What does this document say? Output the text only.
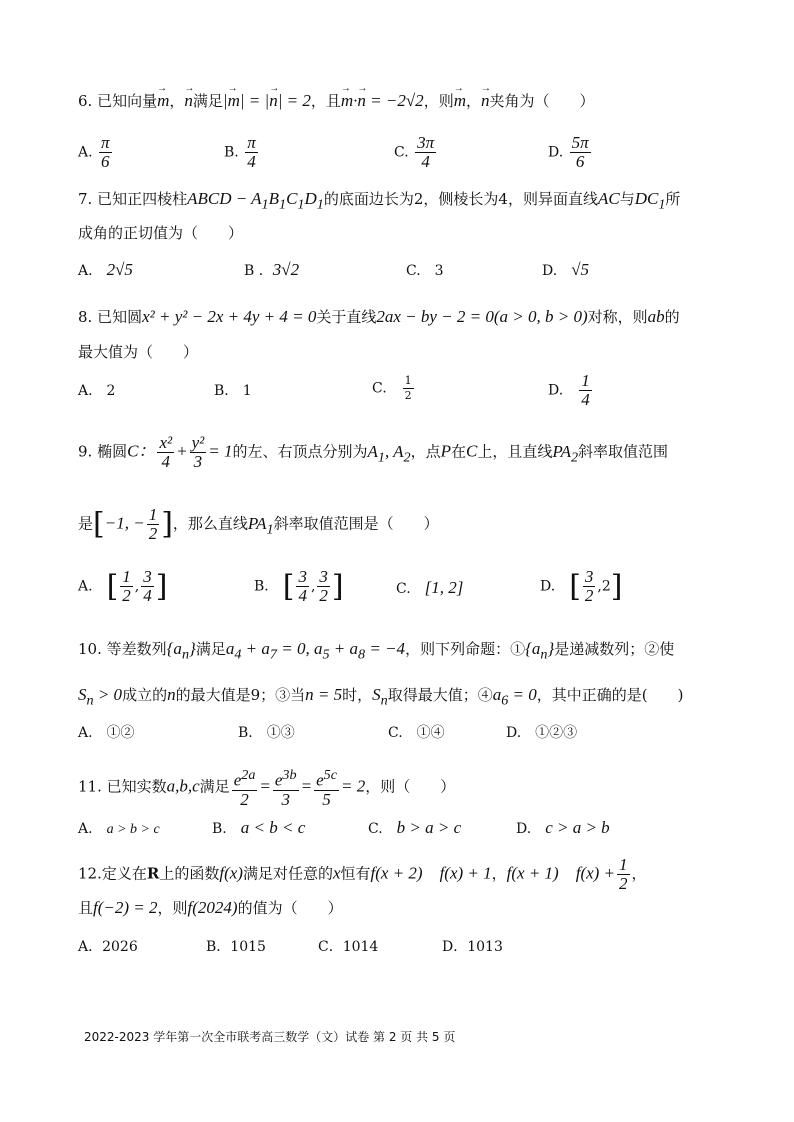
6. 已知向量→ m，→ n满足|→ m| = |→ n| = 2，且→ m·→ n = −2√2，则→ m，→ n夹角为（　　）
A. $\frac{\pi}{6}$	B. $\frac{\pi}{4}$	C. $\frac{3\pi}{4}$	D. $\frac{5\pi}{6}$
7. 已知正四棱柱ABCD − $A_1B_1C_1D_1$的底面边长为2，侧棱长为4，则异面直线AC与$DC_1$所
成角的正切值为（　　）
A.　2√5	B ．3√2	C.　3	D.　√5
8. 已知圆x² + y² − 2x + 4y + 4 = 0关于直线2ax − by − 2 = 0(a > 0, b > 0)对称，则ab的
最大值为（　　）
A.　2	B.　1	C.　 $\frac{1}{2}$	D.　 $\frac{1}{4}$
9. 椭圆C： $\frac{\text{x²}}{4} + \frac{\text{y²}}{3} = 1$的左、右顶点分别为$A_1$, $A_2$，点P在C上，且直线$PA_2$斜率取值范围
是[−1, − $\frac{1}{2}$ ]，那么直线$PA_1$斜率取值范围是（　　）
A.　[ $\frac{1}{2}$ , $\frac{3}{4}$ ]	B.　[ $\frac{3}{4}$ , $\frac{3}{2}$ ]	C.　[1, 2]	D.　[ $\frac{3}{2} ,2$]
10. 等差数列$\{a_n\}$满足$a_4 + a_7 = 0$, $a_5 + a_8 = -4$，则下列命题：$①\{a_n\}$是递减数列；②使
$S_n > 0$成立的n的最大值是9；③当n = 5时，$S_n$取得最大值；$④a_6 = 0$，其中正确的是(　　)
A.　①②	B.　①③	C.　①④	D.　①②③
11. 已知实数a,b,c满足 $\frac{e^{2a}}{2} = \frac{e^{3b}}{3} = \frac{e^{5c}}{5} = 2$，则（　　）
A.　a > b > c	B.　a < b < c	C.　b > a > c	D.　c > a > b
12.定义在R上的函数f(x)满足对任意的x恒有f(x + 2)　f(x) + 1，f(x + 1)　$f(x) + \frac{1}{2}$ ，
且f(−2) = 2，则f(2024)的值为（　　）
A．2026	B．1015	C．1014	D．1013
2022-2023 学年第一次全市联考高三数学（文）试卷 第 2 页 共 5 页
